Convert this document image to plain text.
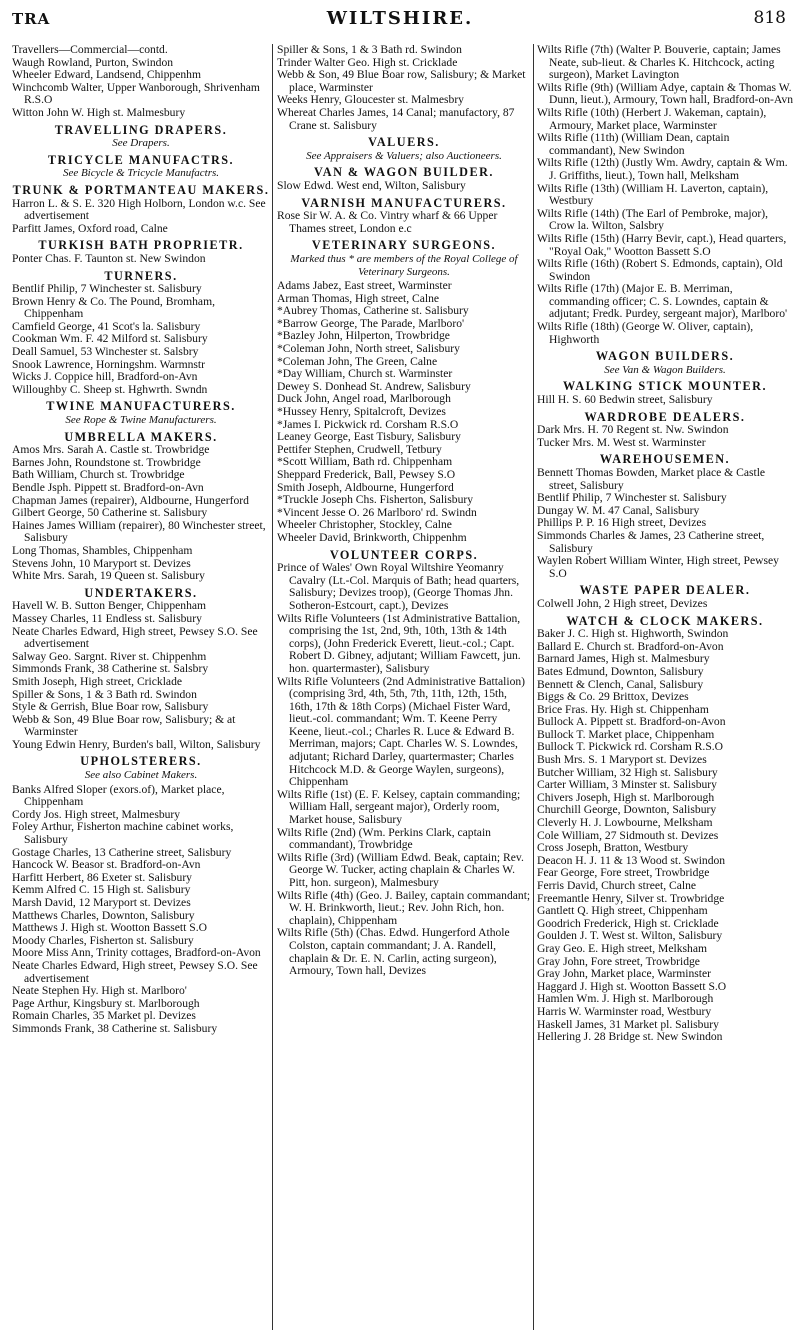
TRA	WILTSHIRE.	818
Travellers—Commercial—contd.
Waugh Rowland, Purton, Swindon
Wheeler Edward, Landsend, Chippenhm
Winchcomb Walter, Upper Wanborough, Shrivenham R.S.O
Witton John W. High st. Malmesbury
TRAVELLING DRAPERS.
See Drapers.
TRICYCLE MANUFACTRS.
See Bicycle & Tricycle Manufactrs.
TRUNK & PORTMANTEAU MAKERS.
Harron L. & S. E. 320 High Holborn, London w.c. See advertisement
Parfitt James, Oxford road, Calne
TURKISH BATH PROPRIETR.
Ponter Chas. F. Taunton st. New Swindon
TURNERS.
Bentlif Philip, 7 Winchester st. Salisbury
Brown Henry & Co. The Pound, Bromham, Chippenham
Camfield George, 41 Scot's la. Salisbury
Cookman Wm. F. 42 Milford st. Salisbury
Deall Samuel, 53 Winchester st. Salsbry
Snook Lawrence, Horningshm. Warmnstr
Wicks J. Coppice hill, Bradford-on-Avn
Willoughby C. Sheep st. Hghwrth. Swndn
TWINE MANUFACTURERS.
See Rope & Twine Manufacturers.
UMBRELLA MAKERS.
Amos Mrs. Sarah A. Castle st. Trowbridge
Barnes John, Roundstone st. Trowbridge
Bath William, Church st. Trowbridge
Bendle Jsph. Pippett st. Bradford-on-Avn
Chapman James (repairer), Aldbourne, Hungerford
Gilbert George, 50 Catherine st. Salisbury
Haines James William (repairer), 80 Winchester street, Salisbury
Long Thomas, Shambles, Chippenham
Stevens John, 10 Maryport st. Devizes
White Mrs. Sarah, 19 Queen st. Salisbury
UNDERTAKERS.
Havell W. B. Sutton Benger, Chippenham
Massey Charles, 11 Endless st. Salisbury
Neate Charles Edward, High street, Pewsey S.O. See advertisement
Salway Geo. Sargnt. River st. Chippenhm
Simmonds Frank, 38 Catherine st. Salsbry
Smith Joseph, High street, Cricklade
Spiller & Sons, 1 & 3 Bath rd. Swindon
Style & Gerrish, Blue Boar row, Salisbury
Webb & Son, 49 Blue Boar row, Salisbury; & at Warminster
Young Edwin Henry, Burden's ball, Wilton, Salisbury
UPHOLSTERERS.
See also Cabinet Makers.
Banks Alfred Sloper (exors.of), Market place, Chippenham
Cordy Jos. High street, Malmesbury
Foley Arthur, Fisherton machine cabinet works, Salisbury
Gostage Charles, 13 Catherine street, Salisbury
Hancock W. Beasor st. Bradford-on-Avn
Harfitt Herbert, 86 Exeter st. Salisbury
Kemm Alfred C. 15 High st. Salisbury
Marsh David, 12 Maryport st. Devizes
Matthews Charles, Downton, Salisbury
Matthews J. High st. Wootton Bassett S.O
Moody Charles, Fisherton st. Salisbury
Moore Miss Ann, Trinity cottages, Bradford-on-Avon
Neate Charles Edward, High street, Pewsey S.O. See advertisement
Neate Stephen Hy. High st. Marlboro'
Page Arthur, Kingsbury st. Marlborough
Romain Charles, 35 Market pl. Devizes
Simmonds Frank, 38 Catherine st. Salisbury
Spiller & Sons, 1 & 3 Bath rd. Swindon
Trinder Walter Geo. High st. Cricklade
Webb & Son, 49 Blue Boar row, Salisbury; & Market place, Warminster
Weeks Henry, Gloucester st. Malmesbry
Whereat Charles James, 14 Canal; manufactory, 87 Crane st. Salisbury
VALUERS.
See Appraisers & Valuers; also Auctioneers.
VAN & WAGON BUILDER.
Slow Edwd. West end, Wilton, Salisbury
VARNISH MANUFACTURERS.
Rose Sir W. A. & Co. Vintry wharf & 66 Upper Thames street, London e.c
VETERINARY SURGEONS.
Marked thus * are members of the Royal College of Veterinary Surgeons.
Adams Jabez, East street, Warminster
Arman Thomas, High street, Calne
*Aubrey Thomas, Catherine st. Salisbury
*Barrow George, The Parade, Marlboro'
*Bazley John, Hilperton, Trowbridge
*Coleman John, North street, Salisbury
*Coleman John, The Green, Calne
*Day William, Church st. Warminster
Dewey S. Donhead St. Andrew, Salisbury
Duck John, Angel road, Marlborough
*Hussey Henry, Spitalcroft, Devizes
*James I. Pickwick rd. Corsham R.S.O
Leaney George, East Tisbury, Salisbury
Pettifer Stephen, Crudwell, Tetbury
*Scott William, Bath rd. Chippenham
Sheppard Frederick, Ball, Pewsey S.O
Smith Joseph, Aldbourne, Hungerford
*Truckle Joseph Chs. Fisherton, Salisbury
*Vincent Jesse O. 26 Marlboro' rd. Swindn
Wheeler Christopher, Stockley, Calne
Wheeler David, Brinkworth, Chippenhm
VOLUNTEER CORPS.
Prince of Wales' Own Royal Wiltshire Yeomanry Cavalry (Lt.-Col. Marquis of Bath; head quarters, Salisbury; Devizes troop), (George Thomas Jhn. Sotheron-Estcourt, capt.), Devizes
Wilts Rifle Volunteers (1st Administrative Battalion, comprising the 1st, 2nd, 9th, 10th, 13th & 14th corps), (John Frederick Everett, lieut.-col.; Capt. Robert D. Gibney, adjutant; William Fawcett, jun. hon. quartermaster), Salisbury
Wilts Rifle Volunteers (2nd Administrative Battalion) (comprising 3rd, 4th, 5th, 7th, 11th, 12th, 15th, 16th, 17th & 18th Corps) (Michael Fister Ward, lieut.-col. commandant; Wm. T. Keene Perry Keene, lieut.-col.; Charles R. Luce & Edward B. Merriman, majors; Capt. Charles W. S. Lowndes, adjutant; Richard Darley, quartermaster; Charles Hitchcock M.D. & George Waylen, surgeons), Chippenham
Wilts Rifle (1st) (E. F. Kelsey, captain commanding; William Hall, sergeant major), Orderly room, Market house, Salisbury
Wilts Rifle (2nd) (Wm. Perkins Clark, captain commandant), Trowbridge
Wilts Rifle (3rd) (William Edwd. Beak, captain; Rev. George W. Tucker, acting chaplain & Charles W. Pitt, hon. surgeon), Malmesbury
Wilts Rifle (4th) (Geo. J. Bailey, captain commandant; W. H. Brinkworth, lieut.; Rev. John Rich, hon. chaplain), Chippenham
Wilts Rifle (5th) (Chas. Edwd. Hungerford Athole Colston, captain commandant; J. A. Randell, chaplain & Dr. E. N. Carlin, acting surgeon), Armoury, Town hall, Devizes
Wilts Rifle (7th) (Walter P. Bouverie, captain; James Neate, sub-lieut. & Charles K. Hitchcock, acting surgeon), Market Lavington
Wilts Rifle (9th) (William Adye, captain & Thomas W. Dunn, lieut.), Armoury, Town hall, Bradford-on-Avn
Wilts Rifle (10th) (Herbert J. Wakeman, captain), Armoury, Market place, Warminster
Wilts Rifle (11th) (William Dean, captain commandant), New Swindon
Wilts Rifle (12th) (Justly Wm. Awdry, captain & Wm. J. Griffiths, lieut.), Town hall, Melksham
Wilts Rifle (13th) (William H. Laverton, captain), Westbury
Wilts Rifle (14th) (The Earl of Pembroke, major), Crow la. Wilton, Salsbry
Wilts Rifle (15th) (Harry Bevir, capt.), Head quarters, "Royal Oak," Wootton Bassett S.O
Wilts Rifle (16th) (Robert S. Edmonds, captain), Old Swindon
Wilts Rifle (17th) (Major E. B. Merriman, commanding officer; C. S. Lowndes, captain & adjutant; Fredk. Purdey, sergeant major), Marlboro'
Wilts Rifle (18th) (George W. Oliver, captain), Highworth
WAGON BUILDERS.
See Van & Wagon Builders.
WALKING STICK MOUNTER.
Hill H. S. 60 Bedwin street, Salisbury
WARDROBE DEALERS.
Dark Mrs. H. 70 Regent st. Nw. Swindon
Tucker Mrs. M. West st. Warminster
WAREHOUSEMEN.
Bennett Thomas Bowden, Market place & Castle street, Salisbury
Bentlif Philip, 7 Winchester st. Salisbury
Dungay W. M. 47 Canal, Salisbury
Phillips P. P. 16 High street, Devizes
Simmonds Charles & James, 23 Catherine street, Salisbury
Waylen Robert William Winter, High street, Pewsey S.O
WASTE PAPER DEALER.
Colwell John, 2 High street, Devizes
WATCH & CLOCK MAKERS.
Baker J. C. High st. Highworth, Swindon
Ballard E. Church st. Bradford-on-Avon
Barnard James, High st. Malmesbury
Bates Edmund, Downton, Salisbury
Bennett & Clench, Canal, Salisbury
Biggs & Co. 29 Brittox, Devizes
Brice Fras. Hy. High st. Chippenham
Bullock A. Pippett st. Bradford-on-Avon
Bullock T. Market place, Chippenham
Bullock T. Pickwick rd. Corsham R.S.O
Bush Mrs. S. 1 Maryport st. Devizes
Butcher William, 32 High st. Salisbury
Carter William, 3 Minster st. Salisbury
Chivers Joseph, High st. Marlborough
Churchill George, Downton, Salisbury
Cleverly H. J. Lowbourne, Melksham
Cole William, 27 Sidmouth st. Devizes
Cross Joseph, Bratton, Westbury
Deacon H. J. 11 & 13 Wood st. Swindon
Fear George, Fore street, Trowbridge
Ferris David, Church street, Calne
Freemantle Henry, Silver st. Trowbridge
Gantlett Q. High street, Chippenham
Goodrich Frederick, High st. Cricklade
Goulden J. T. West st. Wilton, Salisbury
Gray Geo. E. High street, Melksham
Gray John, Fore street, Trowbridge
Gray John, Market place, Warminster
Haggard J. High st. Wootton Bassett S.O
Hamlen Wm. J. High st. Marlborough
Harris W. Warminster road, Westbury
Haskell James, 31 Market pl. Salisbury
Hellering J. 28 Bridge st. New Swindon
